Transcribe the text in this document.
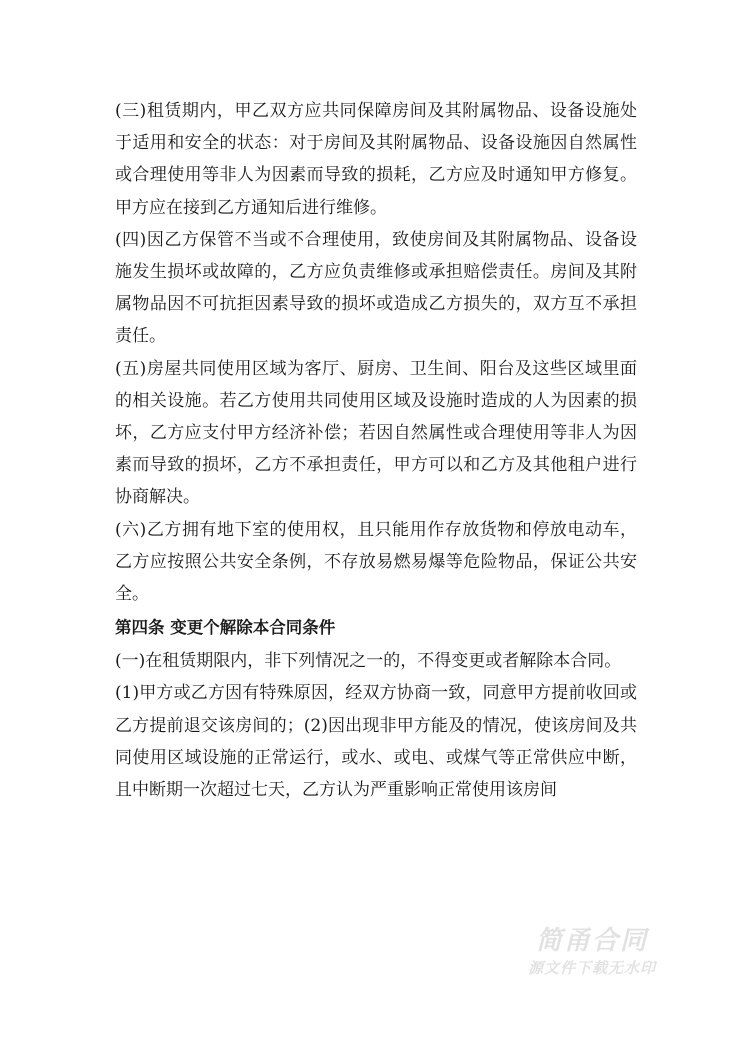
(三)租赁期内，甲乙双方应共同保障房间及其附属物品、设备设施处于适用和安全的状态：对于房间及其附属物品、设备设施因自然属性或合理使用等非人为因素而导致的损耗，乙方应及时通知甲方修复。甲方应在接到乙方通知后进行维修。

(四)因乙方保管不当或不合理使用，致使房间及其附属物品、设备设施发生损坏或故障的，乙方应负责维修或承担赔偿责任。房间及其附属物品因不可抗拒因素导致的损坏或造成乙方损失的，双方互不承担责任。

(五)房屋共同使用区域为客厅、厨房、卫生间、阳台及这些区域里面的相关设施。若乙方使用共同使用区域及设施时造成的人为因素的损坏，乙方应支付甲方经济补偿；若因自然属性或合理使用等非人为因素而导致的损坏，乙方不承担责任，甲方可以和乙方及其他租户进行协商解决。

(六)乙方拥有地下室的使用权，且只能用作存放货物和停放电动车，乙方应按照公共安全条例，不存放易燃易爆等危险物品，保证公共安全。

第四条 变更个解除本合同条件

(一)在租赁期限内，非下列情况之一的，不得变更或者解除本合同。

(1)甲方或乙方因有特殊原因，经双方协商一致，同意甲方提前收回或乙方提前退交该房间的；(2)因出现非甲方能及的情况，使该房间及共同使用区域设施的正常运行，或水、或电、或煤气等正常供应中断，且中断期一次超过七天，乙方认为严重影响正常使用该房间

简甬合同
源文件下载无水印
